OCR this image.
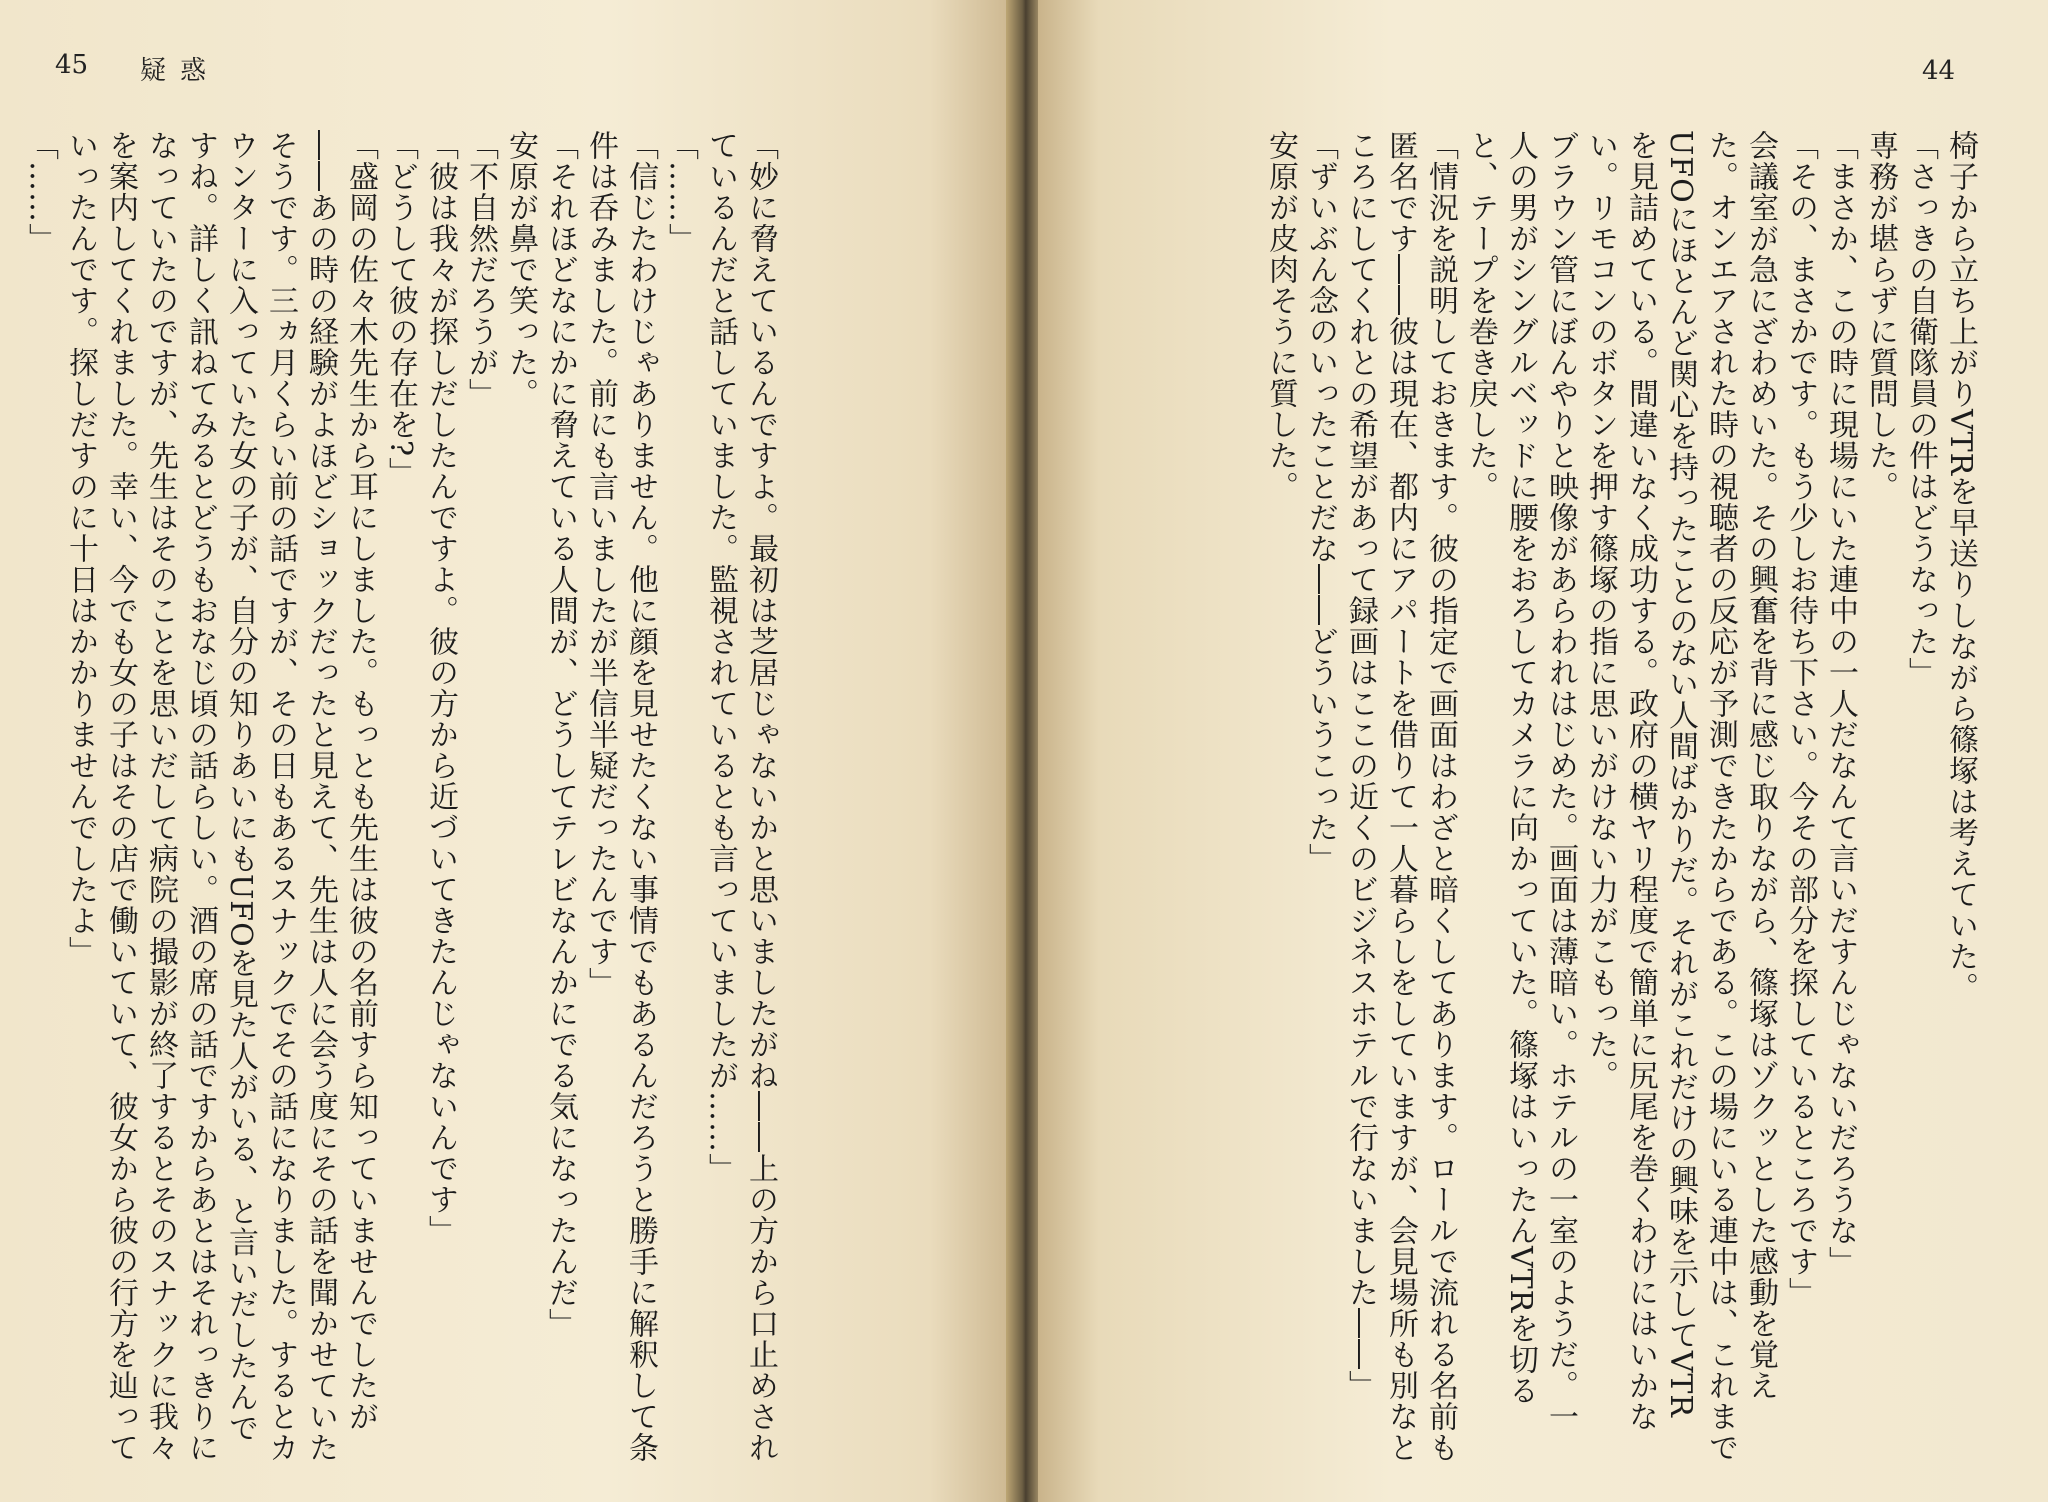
45 疑惑

「妙に脅えているんですよ。最初は芝居じゃないかと思いましたがね――上の方から口止めされ

ているんだと話していました。監視されているとも言っていましたが……」

「……」

「信じたわけじゃありません。他に顔を見せたくない事情でもあるんだろうと勝手に解釈して条

件は呑みました。前にも言いましたが半信半疑だったんです」

「それほどなにかに脅えている人間が、どうしてテレビなんかにでる気になったんだ」

安原が鼻で笑った。

「不自然だろうが」

「彼は我々が探しだしたんですよ。彼の方から近づいてきたんじゃないんです」

「どうして彼の存在を?」

「盛岡の佐々木先生から耳にしました。もっとも先生は彼の名前すら知っていませんでしたが

――あの時の経験がよほどショックだったと見えて、先生は人に会う度にその話を聞かせていた

そうです。三ヵ月くらい前の話ですが、その日もあるスナックでその話になりました。するとカ

ウンターに入っていた女の子が、自分の知りあいにもUFOを見た人がいる、と言いだしたんで

すね。詳しく訊ねてみるとどうもおなじ頃の話らしい。酒の席の話ですからあとはそれっきりに

なっていたのですが、先生はそのことを思いだして病院の撮影が終了するとそのスナックに我々

を案内してくれました。幸い、今でも女の子はその店で働いていて、彼女から彼の行方を辿って

いったんです。探しだすのに十日はかかりませんでしたよ」

「……」

44

椅子から立ち上がりVTRを早送りしながら篠塚は考えていた。

「さっきの自衛隊員の件はどうなった」

専務が堪らずに質問した。

「まさか、この時に現場にいた連中の一人だなんて言いだすんじゃないだろうな」

「その、まさかです。もう少しお待ち下さい。今その部分を探しているところです」

会議室が急にざわめいた。その興奮を背に感じ取りながら、篠塚はゾクッとした感動を覚え

た。オンエアされた時の視聴者の反応が予測できたからである。この場にいる連中は、これまで

UFOにほとんど関心を持ったことのない人間ばかりだ。それがこれだけの興味を示してVTR

を見詰めている。間違いなく成功する。政府の横ヤリ程度で簡単に尻尾を巻くわけにはいかな

い。リモコンのボタンを押す篠塚の指に思いがけない力がこもった。

ブラウン管にぼんやりと映像があらわれはじめた。画面は薄暗い。ホテルの一室のようだ。一

人の男がシングルベッドに腰をおろしてカメラに向かっていた。篠塚はいったんVTRを切る

と、テープを巻き戻した。

「情況を説明しておきます。彼の指定で画面はわざと暗くしてあります。ロールで流れる名前も

匿名です――彼は現在、都内にアパートを借りて一人暮らしをしていますが、会見場所も別なと

ころにしてくれとの希望があって録画はここの近くのビジネスホテルで行ないました――」

「ずいぶん念のいったことだな――どういうこった」

安原が皮肉そうに質した。
